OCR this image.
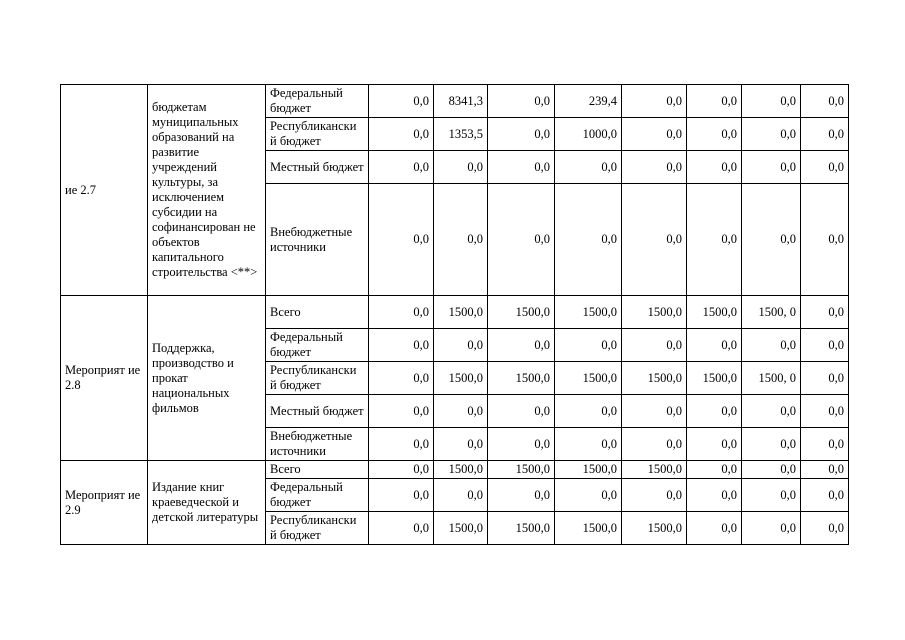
ие 2.7	бюджетам муниципальных образований на развитие учреждений культуры, за исключением субсидии на софинансирован не объектов капитального строительства <**>	Федеральный бюджет	0,0	8341,3	0,0	239,4	0,0	0,0	0,0	0,0
		Республикански й бюджет	0,0	1353,5	0,0	1000,0	0,0	0,0	0,0	0,0
		Местный бюджет	0,0	0,0	0,0	0,0	0,0	0,0	0,0	0,0
		Внебюджетные источники	0,0	0,0	0,0	0,0	0,0	0,0	0,0	0,0
Мероприят ие 2.8	Поддержка, производство и прокат национальных фильмов	Всего	0,0	1500,0	1500,0	1500,0	1500,0	1500,0	1500, 0	0,0
		Федеральный бюджет	0,0	0,0	0,0	0,0	0,0	0,0	0,0	0,0
		Республикански й бюджет	0,0	1500,0	1500,0	1500,0	1500,0	1500,0	1500, 0	0,0
		Местный бюджет	0,0	0,0	0,0	0,0	0,0	0,0	0,0	0,0
		Внебюджетные источники	0,0	0,0	0,0	0,0	0,0	0,0	0,0	0,0
Мероприят ие 2.9	Издание книг краеведческой и детской литературы	Всего	0,0	1500,0	1500,0	1500,0	1500,0	0,0	0,0	0,0
		Федеральный бюджет	0,0	0,0	0,0	0,0	0,0	0,0	0,0	0,0
		Республикански й бюджет	0,0	1500,0	1500,0	1500,0	1500,0	0,0	0,0	0,0
